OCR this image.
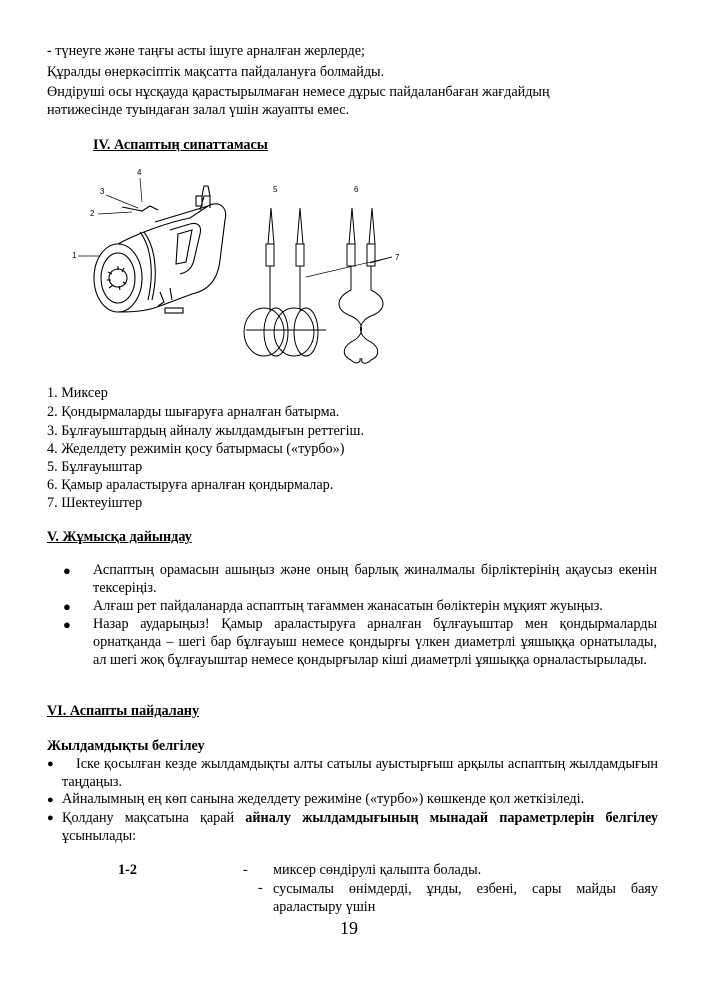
- түнеуге және таңғы асты ішуге арналған жерлерде;
Құралды өнеркәсіптік мақсатта пайдалануға болмайды.
Өндіруші осы нұсқауда қарастырылмаған немесе дұрыс пайдаланбаған жағдайдың
нәтижесінде туындаған залал үшін жауапты емес.
IV. Аспаптың сипаттамасы
1
2
3
4
5	6
7
1. Миксер
2. Қондырмаларды шығаруға арналған батырма.
3. Бұлғауыштардың айналу жылдамдығын реттегіш.
4. Жеделдету режимін қосу батырмасы («турбо»)
5. Бұлғауыштар
6. Қамыр араластыруға арналған қондырмалар.
7. Шектеуіштер
V. Жұмысқа дайындау
● Аспаптың орамасын ашыңыз және оның барлық жиналмалы бірліктерінің ақаусыз екенін тексеріңіз.
● Алғаш рет пайдаланарда аспаптың тағаммен жанасатын бөліктерін мұқият жуыңыз.
● Назар аударыңыз! Қамыр араластыруға арналған бұлғауыштар мен қондырмаларды орнатқанда – шегі бар бұлғауыш немесе қондырғы үлкен диаметрлі ұяшыққа орнатылады, ал шегі жоқ бұлғауыштар немесе қондырғылар кіші диаметрлі ұяшыққа орналастырылады.
VI. Аспапты пайдалану
Жылдамдықты белгілеу
●	Іске қосылған кезде жылдамдықты алты сатылы ауыстырғыш арқылы аспаптың жылдамдығын таңдаңыз.
● Айналымның ең көп санына жеделдету режиміне («турбо») көшкенде қол жеткізіледі.
● Қолдану мақсатына қарай айналу жылдамдығының мынадай параметрлерін белгілеу ұсынылады:
1-2	- миксер сөндірулі қалыпта болады.
- сусымалы өнімдерді, ұнды, езбені, сары майды баяу араластыру үшін
19
